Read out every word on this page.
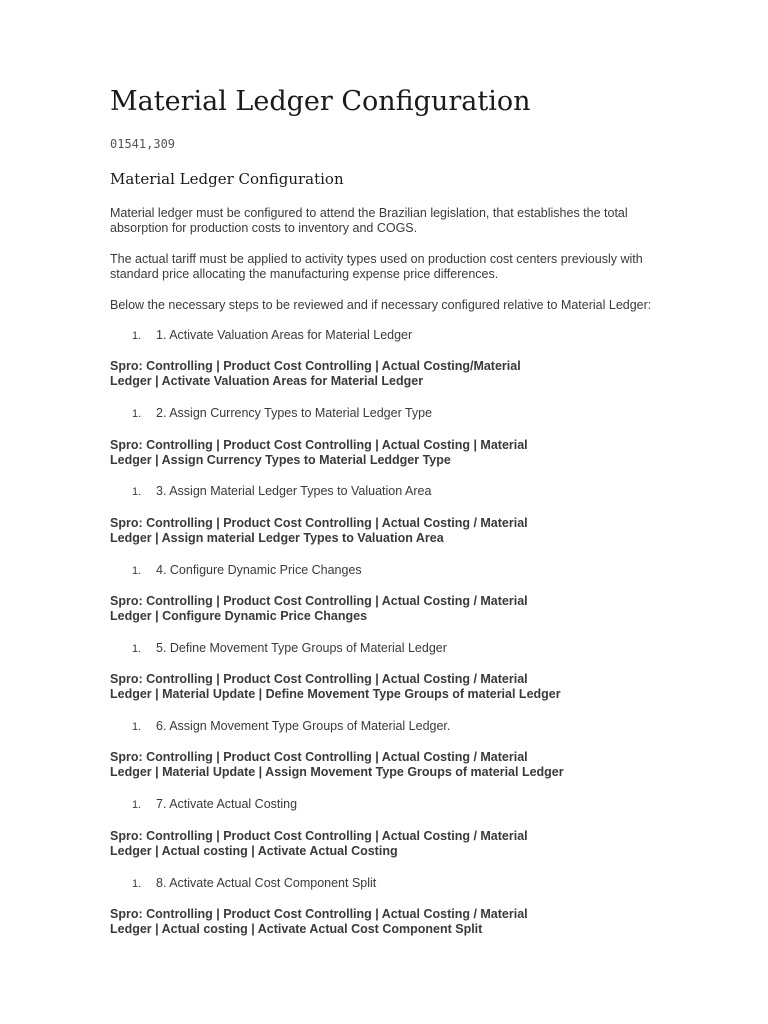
Material Ledger Configuration
01541,309
Material Ledger Configuration

Material ledger must be configured to attend the Brazilian legislation, that establishes the total absorption for production costs to inventory and COGS.

The actual tariff must be applied to activity types used on production cost centers previously with standard price allocating the manufacturing expense price differences.

Below the necessary steps to be reviewed and if necessary configured relative to Material Ledger:

1. 1. Activate Valuation Areas for Material Ledger
Spro: Controlling | Product Cost Controlling | Actual Costing/Material
Ledger | Activate Valuation Areas for Material Ledger
1. 2. Assign Currency Types to Material Ledger Type
Spro: Controlling | Product Cost Controlling | Actual Costing | Material
Ledger | Assign Currency Types to Material Leddger Type
1. 3. Assign Material Ledger Types to Valuation Area
Spro: Controlling | Product Cost Controlling | Actual Costing / Material
Ledger | Assign material Ledger Types to Valuation Area
1. 4. Configure Dynamic Price Changes
Spro: Controlling | Product Cost Controlling | Actual Costing / Material
Ledger | Configure Dynamic Price Changes
1. 5. Define Movement Type Groups of Material Ledger
Spro: Controlling | Product Cost Controlling | Actual Costing / Material
Ledger | Material Update | Define Movement Type Groups of material Ledger
1. 6. Assign Movement Type Groups of Material Ledger.
Spro: Controlling | Product Cost Controlling | Actual Costing / Material
Ledger | Material Update | Assign Movement Type Groups of material Ledger
1. 7. Activate Actual Costing
Spro: Controlling | Product Cost Controlling | Actual Costing / Material
Ledger | Actual costing | Activate Actual Costing
1. 8. Activate Actual Cost Component Split
Spro: Controlling | Product Cost Controlling | Actual Costing / Material
Ledger | Actual costing | Activate Actual Cost Component Split
